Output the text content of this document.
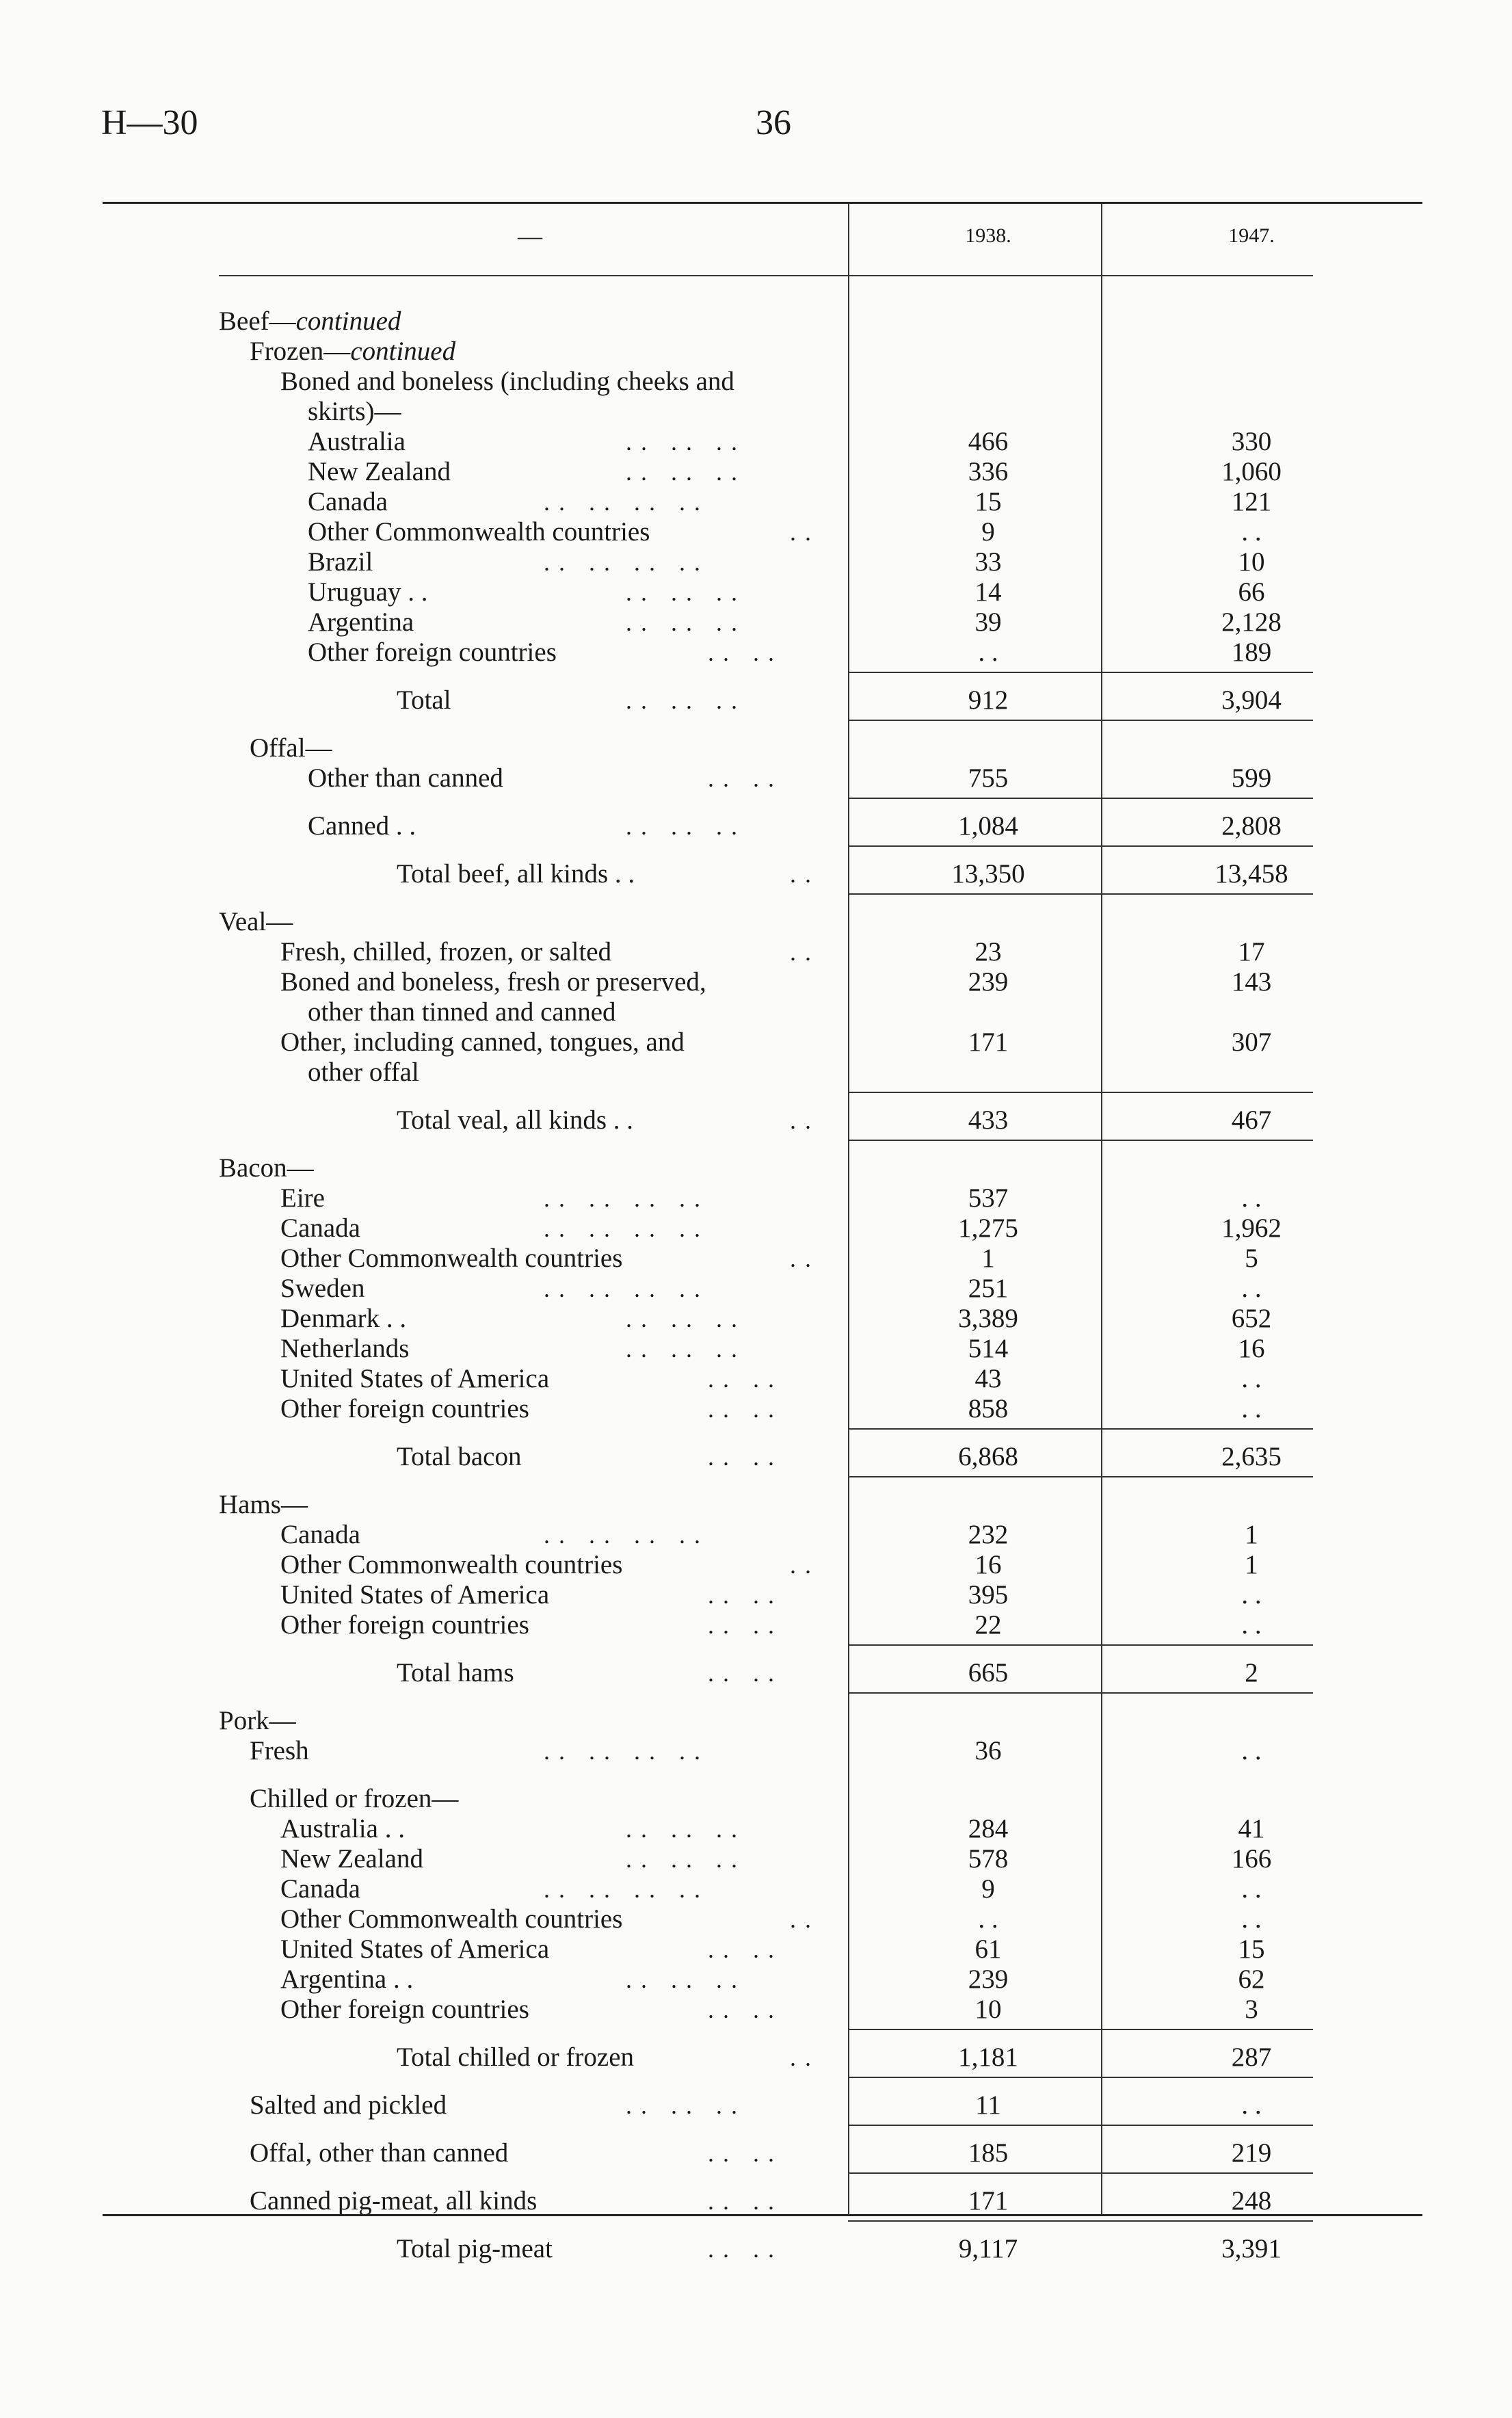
H—30	36
—	1938.	1947.
Beef—continued
Frozen—continued
Boned and boneless (including cheeks and
skirts)—
Australia	. .   . .   . .	466	330
New Zealand	. .   . .   . .	336	1,060
Canada	. .   . .   . .   . .	15	121
Other Commonwealth countries	. .	9	. .
Brazil	. .   . .   . .   . .	33	10
Uruguay . .	. .   . .   . .	14	66
Argentina	. .   . .   . .	39	2,128
Other foreign countries	. .   . .	. .	189
Total	. .   . .   . .	912	3,904
Offal—
Other than canned	. .   . .	755	599
Canned . .	. .   . .   . .	1,084	2,808
Total beef, all kinds . .	. .	13,350	13,458
Veal—
Fresh, chilled, frozen, or salted	. .	23	17
Boned and boneless, fresh or preserved,	239	143
other than tinned and canned
Other, including canned, tongues, and	171	307
other offal
Total veal, all kinds . .	. .	433	467
Bacon—
Eire	. .   . .   . .   . .	537	. .
Canada	. .   . .   . .   . .	1,275	1,962
Other Commonwealth countries	. .	1	5
Sweden	. .   . .   . .   . .	251	. .
Denmark . .	. .   . .   . .	3,389	652
Netherlands	. .   . .   . .	514	16
United States of America	. .   . .	43	. .
Other foreign countries	. .   . .	858	. .
Total bacon	. .   . .	6,868	2,635
Hams—
Canada	. .   . .   . .   . .	232	1
Other Commonwealth countries	. .	16	1
United States of America	. .   . .	395	. .
Other foreign countries	. .   . .	22	. .
Total hams	. .   . .	665	2
Pork—
Fresh	. .   . .   . .   . .	36	. .
Chilled or frozen—
Australia . .	. .   . .   . .	284	41
New Zealand	. .   . .   . .	578	166
Canada	. .   . .   . .   . .	9	. .
Other Commonwealth countries	. .	. .	. .
United States of America	. .   . .	61	15
Argentina . .	. .   . .   . .	239	62
Other foreign countries	. .   . .	10	3
Total chilled or frozen	. .	1,181	287
Salted and pickled	. .   . .   . .	11	. .
Offal, other than canned	. .   . .	185	219
Canned pig-meat, all kinds	. .   . .	171	248
Total pig-meat	. .   . .	9,117	3,391
